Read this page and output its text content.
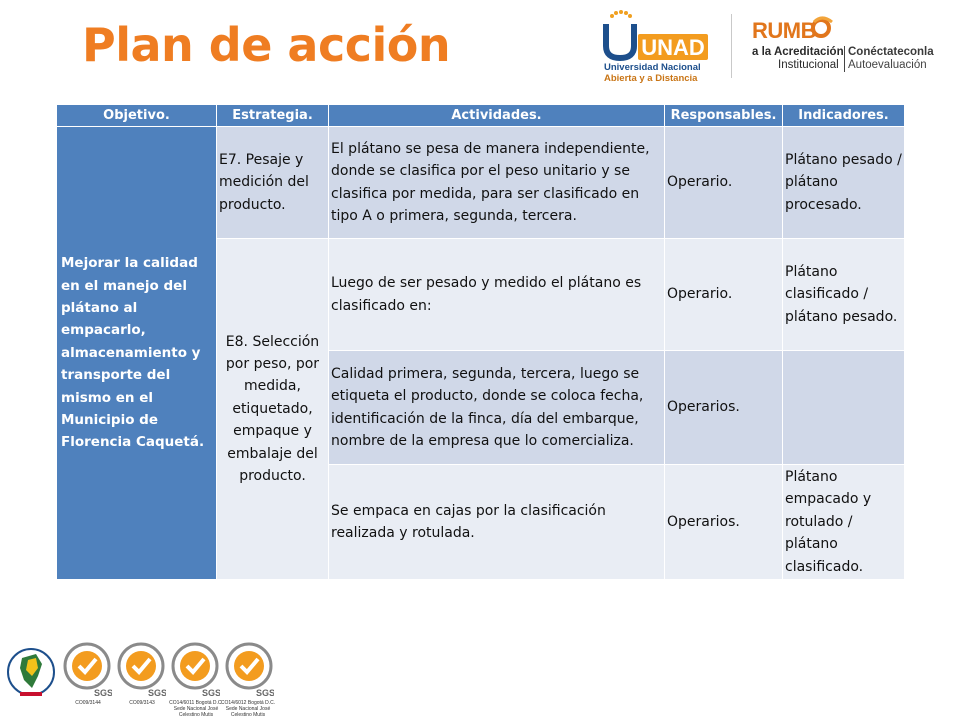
Plan de acción	UNAD
Universidad Nacional
Abierta y a Distancia
RUMB
a la Acreditación
Institucional
Conéctateconla
Autoevaluación
Objetivo.	Estrategia.	Actividades.	Responsables.	Indicadores.
Mejorar la calidad en el manejo del plátano al empacarlo, almacenamiento y transporte del mismo en el Municipio de Florencia Caquetá.	E7. Pesaje y medición del producto.	El plátano se pesa de manera independiente, donde se clasifica por el peso unitario y se clasifica por medida, para ser clasificado en tipo A o primera, segunda, tercera.	Operario.	Plátano pesado / plátano procesado.
	E8. Selección por peso, por medida, etiquetado, empaque y embalaje del producto.	Luego de ser pesado y medido el plátano es clasificado en:	Operario.	Plátano clasificado / plátano pesado.
		Calidad primera, segunda, tercera, luego se etiqueta el producto, donde se coloca fecha, identificación de la finca, día del embarque, nombre de la empresa que lo comercializa.	Operarios.	
		Se empaca en cajas por la clasificación realizada y rotulada.	Operarios.	Plátano empacado y rotulado / plátano clasificado.
SGS
CO09/3144
SGS
CO09/3143
SGS
CO14/6011 Bogotá D.C. Sede Nacional José Celestino Mutis
SGS
CO14/6012 Bogotá D.C. Sede Nacional José Celestino Mutis
